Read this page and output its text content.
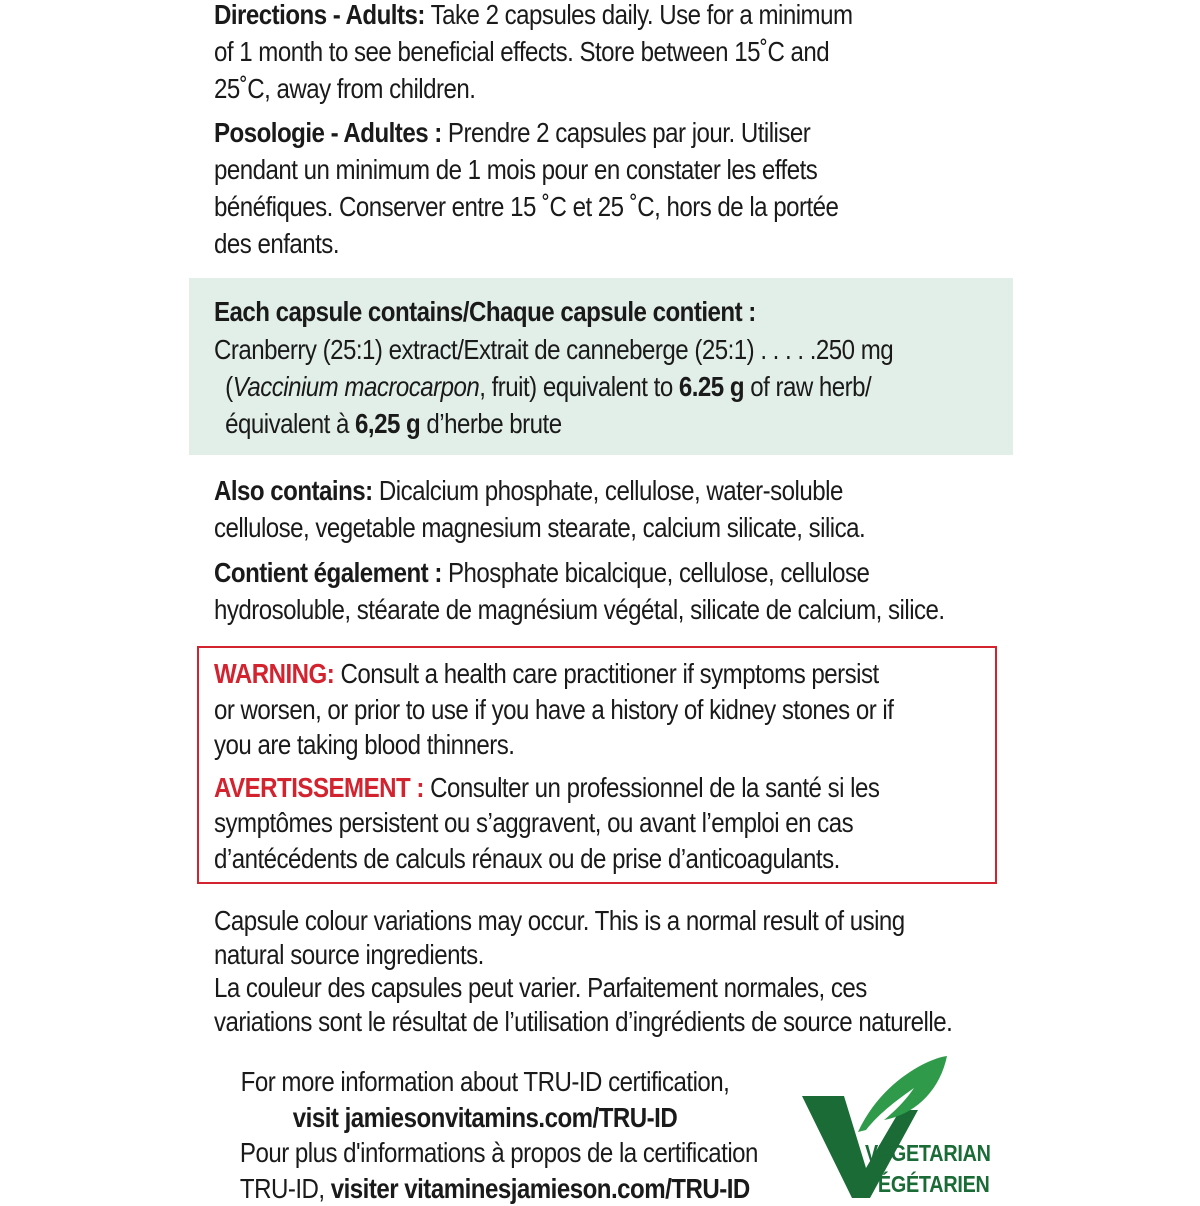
Directions - Adults: Take 2 capsules daily. Use for a minimum
of 1 month to see beneficial effects. Store between 15˚C and
25˚C, away from children.

Posologie - Adultes : Prendre 2 capsules par jour. Utiliser
pendant un minimum de 1 mois pour en constater les effets
bénéfiques. Conserver entre 15 ˚C et 25 ˚C, hors de la portée
des enfants.

Each capsule contains/Chaque capsule contient :

Cranberry (25:1) extract/Extrait de canneberge (25:1) . . . . .250 mg

(Vaccinium macrocarpon, fruit) equivalent to 6.25 g of raw herb/

équivalent à 6,25 g d’herbe brute

Also contains: Dicalcium phosphate, cellulose, water-soluble
cellulose, vegetable magnesium stearate, calcium silicate, silica.

Contient également : Phosphate bicalcique, cellulose, cellulose
hydrosoluble, stéarate de magnésium végétal, silicate de calcium, silice.

WARNING: Consult a health care practitioner if symptoms persist
or worsen, or prior to use if you have a history of kidney stones or if
you are taking blood thinners.

AVERTISSEMENT : Consulter un professionnel de la santé si les
symptômes persistent ou s’aggravent, ou avant l’emploi en cas
d’antécédents de calculs rénaux ou de prise d’anticoagulants.

Capsule colour variations may occur. This is a normal result of using
natural source ingredients.

La couleur des capsules peut varier. Parfaitement normales, ces
variations sont le résultat de l’utilisation d’ingrédients de source naturelle.

For more information about TRU-ID certification,
visit jamiesonvitamins.com/TRU-ID
Pour plus d'informations à propos de la certification
TRU-ID, visiter vitaminesjamieson.com/TRU-ID
VEGETARIAN
VÉGÉTARIEN
